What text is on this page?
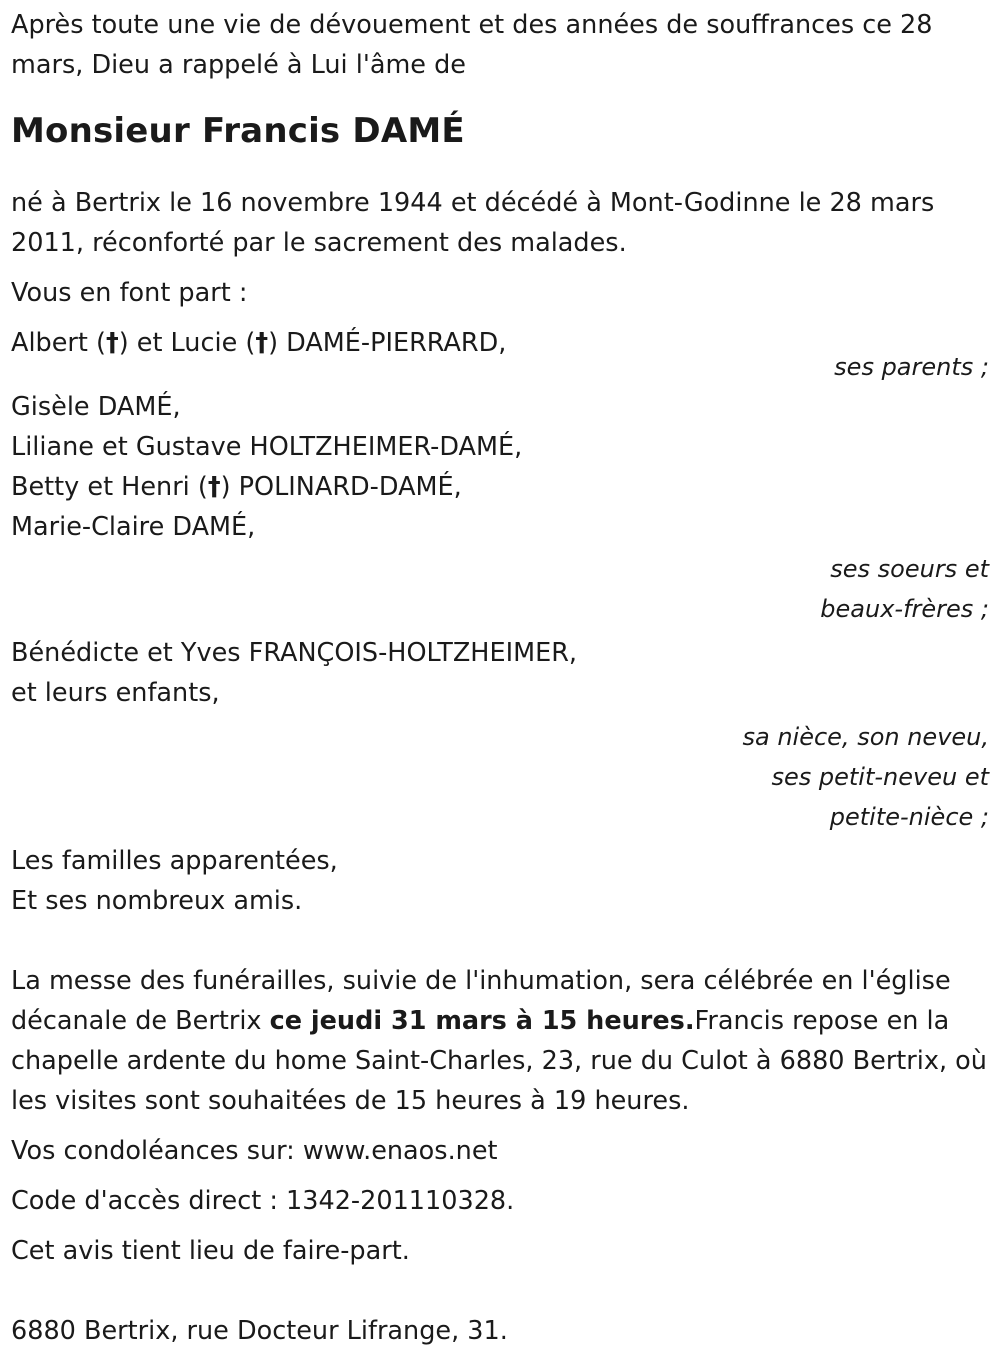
Après toute une vie de dévouement et des années de souffrances ce 28 mars, Dieu a rappelé à Lui l'âme de

Monsieur Francis DAMÉ

né à Bertrix le 16 novembre 1944 et décédé à Mont-Godinne le 28 mars 2011, réconforté par le sacrement des malades.

Vous en font part :

Albert (†) et Lucie (†) DAMÉ-PIERRARD,

ses parents ;

Gisèle DAMÉ,

Liliane et Gustave HOLTZHEIMER-DAMÉ,

Betty et Henri (†) POLINARD-DAMÉ,

Marie-Claire DAMÉ,

ses soeurs et

beaux-frères ;

Bénédicte et Yves FRANÇOIS-HOLTZHEIMER,

et leurs enfants,

sa nièce, son neveu,

ses petit-neveu et

petite-nièce ;

Les familles apparentées,

Et ses nombreux amis.

La messe des funérailles, suivie de l'inhumation, sera célébrée en l'église décanale de Bertrix ce jeudi 31 mars à 15 heures.Francis repose en la chapelle ardente du home Saint-Charles, 23, rue du Culot à 6880 Bertrix, où les visites sont souhaitées de 15 heures à 19 heures.

Vos condoléances sur: www.enaos.net

Code d'accès direct : 1342-201110328.

Cet avis tient lieu de faire-part.

6880 Bertrix, rue Docteur Lifrange, 31.
